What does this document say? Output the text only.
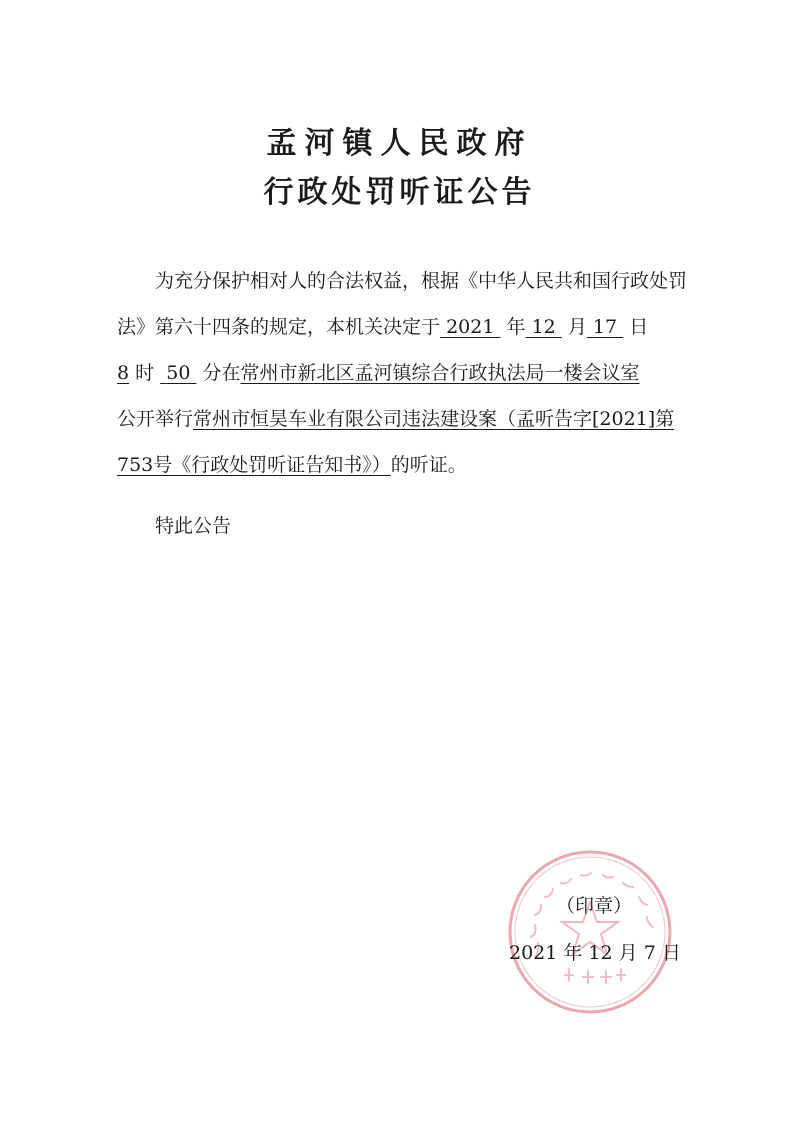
孟河镇人民政府
行政处罚听证公告
为充分保护相对人的合法权益，根据《中华人民共和国行政处罚
法》第六十四条的规定，本机关决定于 2021 年 12 月 17 日
8 时 50 分在常州市新北区孟河镇综合行政执法局一楼会议室
公开举行常州市恒昊车业有限公司违法建设案（孟听告字[2021]第
753号《行政处罚听证告知书》）的听证。
特此公告
（印章）
2021 年 12 月 7 日
